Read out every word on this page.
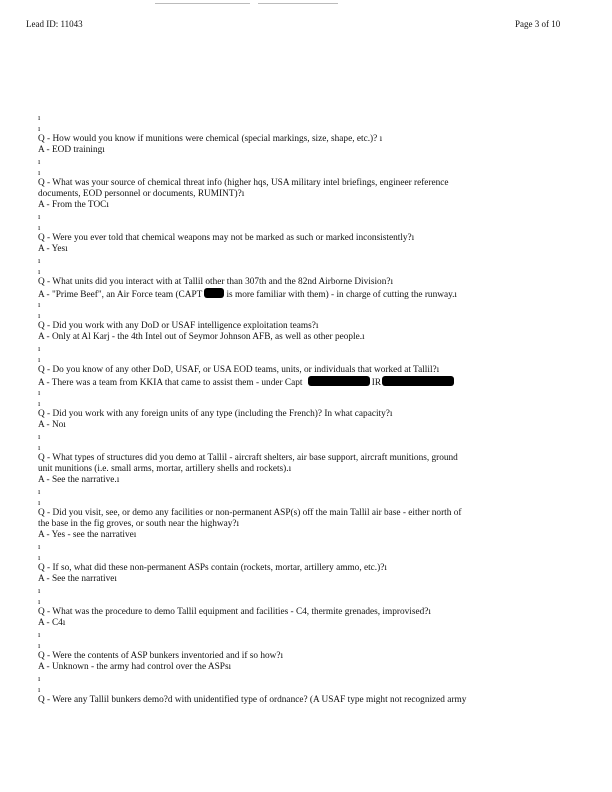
Lead ID: 11043	Page 3 of 10
ı
ı
Q - How would you know if munitions were chemical (special markings, size, shape, etc.)? ı
A - EOD trainingı
ı
ı
Q - What was your source of chemical threat info (higher hqs, USA military intel briefings, engineer reference
documents, EOD personnel or documents, RUMINT)?ı
A - From the TOCı
ı
ı
Q - Were you ever told that chemical weapons may not be marked as such or marked inconsistently?ı
A - Yesı
ı
ı
Q - What units did you interact with at Tallil other than 307th and the 82nd Airborne Division?ı
A - "Prime Beef", an Air Force team (CAPT is more familiar with them) - in charge of cutting the runway.ı
ı
ı
Q - Did you work with any DoD or USAF intelligence exploitation teams?ı
A - Only at Al Karj - the 4th Intel out of Seymor Johnson AFB, as well as other people.ı
ı
ı
Q - Do you know of any other DoD, USAF, or USA EOD teams, units, or individuals that worked at Tallil?ı
A - There was a team from KKIA that came to assist them - under Capt	IR
ı
ı
Q - Did you work with any foreign units of any type (including the French)? In what capacity?ı
A - Noı
ı
ı
Q - What types of structures did you demo at Tallil - aircraft shelters, air base support, aircraft munitions, ground
unit munitions (i.e. small arms, mortar, artillery shells and rockets).ı
A - See the narrative.ı
ı
ı
Q - Did you visit, see, or demo any facilities or non-permanent ASP(s) off the main Tallil air base - either north of
the base in the fig groves, or south near the highway?ı
A - Yes - see the narrativeı
ı
ı
Q - If so, what did these non-permanent ASPs contain (rockets, mortar, artillery ammo, etc.)?ı
A - See the narrativeı
ı
ı
Q - What was the procedure to demo Tallil equipment and facilities - C4, thermite grenades, improvised?ı
A - C4ı
ı
ı
Q - Were the contents of ASP bunkers inventoried and if so how?ı
A - Unknown - the army had control over the ASPsı
ı
ı
Q - Were any Tallil bunkers demo?d with unidentified type of ordnance? (A USAF type might not recognized army
